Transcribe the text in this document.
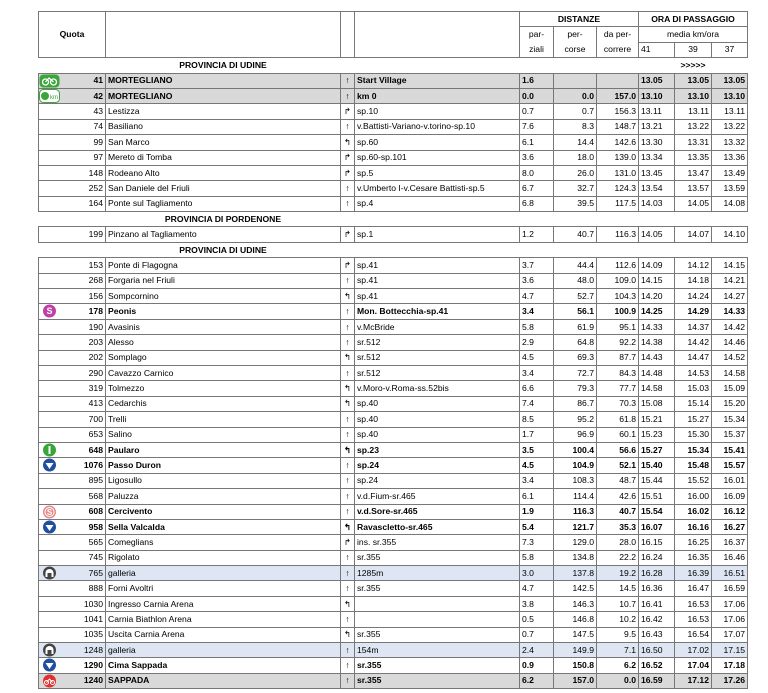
					DISTANZE			ORA DI PASSAGGIO		
Quota					par-	per-	da per-	media km/ora		
					ziali	corse	correre	41	39	37
		PROVINCIA DI UDINE						>>>>>		
	41	MORTEGLIANO	↑	Start Village	1.6			13.05	13.05	13.05
	42	MORTEGLIANO	↑	km 0	0.0	0.0	157.0	13.10	13.10	13.10
	43	Lestizza	↱	sp.10	0.7	0.7	156.3	13.11	13.11	13.11
	74	Basiliano	↑	v.Battisti-Variano-v.torino-sp.10	7.6	8.3	148.7	13.21	13.22	13.22
	99	San Marco	↰	sp.60	6.1	14.4	142.6	13.30	13.31	13.32
	97	Mereto di Tomba	↱	sp.60-sp.101	3.6	18.0	139.0	13.34	13.35	13.36
	148	Rodeano Alto	↱	sp.5	8.0	26.0	131.0	13.45	13.47	13.49
	252	San Daniele del Friuli	↑	v.Umberto I-v.Cesare Battisti-sp.5	6.7	32.7	124.3	13.54	13.57	13.59
	164	Ponte sul Tagliamento	↑	sp.4	6.8	39.5	117.5	14.03	14.05	14.08
		PROVINCIA DI PORDENONE								
	199	Pinzano al Tagliamento	↱	sp.1	1.2	40.7	116.3	14.05	14.07	14.10
		PROVINCIA DI UDINE								
	153	Ponte di Flagogna	↱	sp.41	3.7	44.4	112.6	14.09	14.12	14.15
	268	Forgaria nel Friuli	↑	sp.41	3.6	48.0	109.0	14.15	14.18	14.21
	156	Sompcornino	↰	sp.41	4.7	52.7	104.3	14.20	14.24	14.27
	178	Peonis	↑	Mon. Bottecchia-sp.41	3.4	56.1	100.9	14.25	14.29	14.33
	190	Avasinis	↑	v.McBride	5.8	61.9	95.1	14.33	14.37	14.42
	203	Alesso	↑	sr.512	2.9	64.8	92.2	14.38	14.42	14.46
	202	Somplago	↰	sr.512	4.5	69.3	87.7	14.43	14.47	14.52
	290	Cavazzo Carnico	↑	sr.512	3.4	72.7	84.3	14.48	14.53	14.58
	319	Tolmezzo	↰	v.Moro-v.Roma-ss.52bis	6.6	79.3	77.7	14.58	15.03	15.09
	413	Cedarchis	↰	sp.40	7.4	86.7	70.3	15.08	15.14	15.20
	700	Trelli	↑	sp.40	8.5	95.2	61.8	15.21	15.27	15.34
	653	Salino	↑	sp.40	1.7	96.9	60.1	15.23	15.30	15.37
	648	Paularo	↰	sp.23	3.5	100.4	56.6	15.27	15.34	15.41
	1076	Passo Duron	↑	sp.24	4.5	104.9	52.1	15.40	15.48	15.57
	895	Ligosullo	↑	sp.24	3.4	108.3	48.7	15.44	15.52	16.01
	568	Paluzza	↑	v.d.Fium-sr.465	6.1	114.4	42.6	15.51	16.00	16.09
	608	Cercivento	↑	v.d.Sore-sr.465	1.9	116.3	40.7	15.54	16.02	16.12
	958	Sella Valcalda	↰	Ravascletto-sr.465	5.4	121.7	35.3	16.07	16.16	16.27
	565	Comeglians	↱	ins. sr.355	7.3	129.0	28.0	16.15	16.25	16.37
	745	Rigolato	↑	sr.355	5.8	134.8	22.2	16.24	16.35	16.46
	765	galleria	↑	1285m	3.0	137.8	19.2	16.28	16.39	16.51
	888	Forni Avoltri	↑	sr.355	4.7	142.5	14.5	16.36	16.47	16.59
	1030	Ingresso Carnia Arena	↰		3.8	146.3	10.7	16.41	16.53	17.06
	1041	Carnia Biathlon Arena	↑		0.5	146.8	10.2	16.42	16.53	17.06
	1035	Uscita Carnia Arena	↰	sr.355	0.7	147.5	9.5	16.43	16.54	17.07
	1248	galleria	↑	154m	2.4	149.9	7.1	16.50	17.02	17.15
	1290	Cima Sappada	↑	sr.355	0.9	150.8	6.2	16.52	17.04	17.18
	1240	SAPPADA	↑	sr.355	6.2	157.0	0.0	16.59	17.12	17.26
km
S
S
